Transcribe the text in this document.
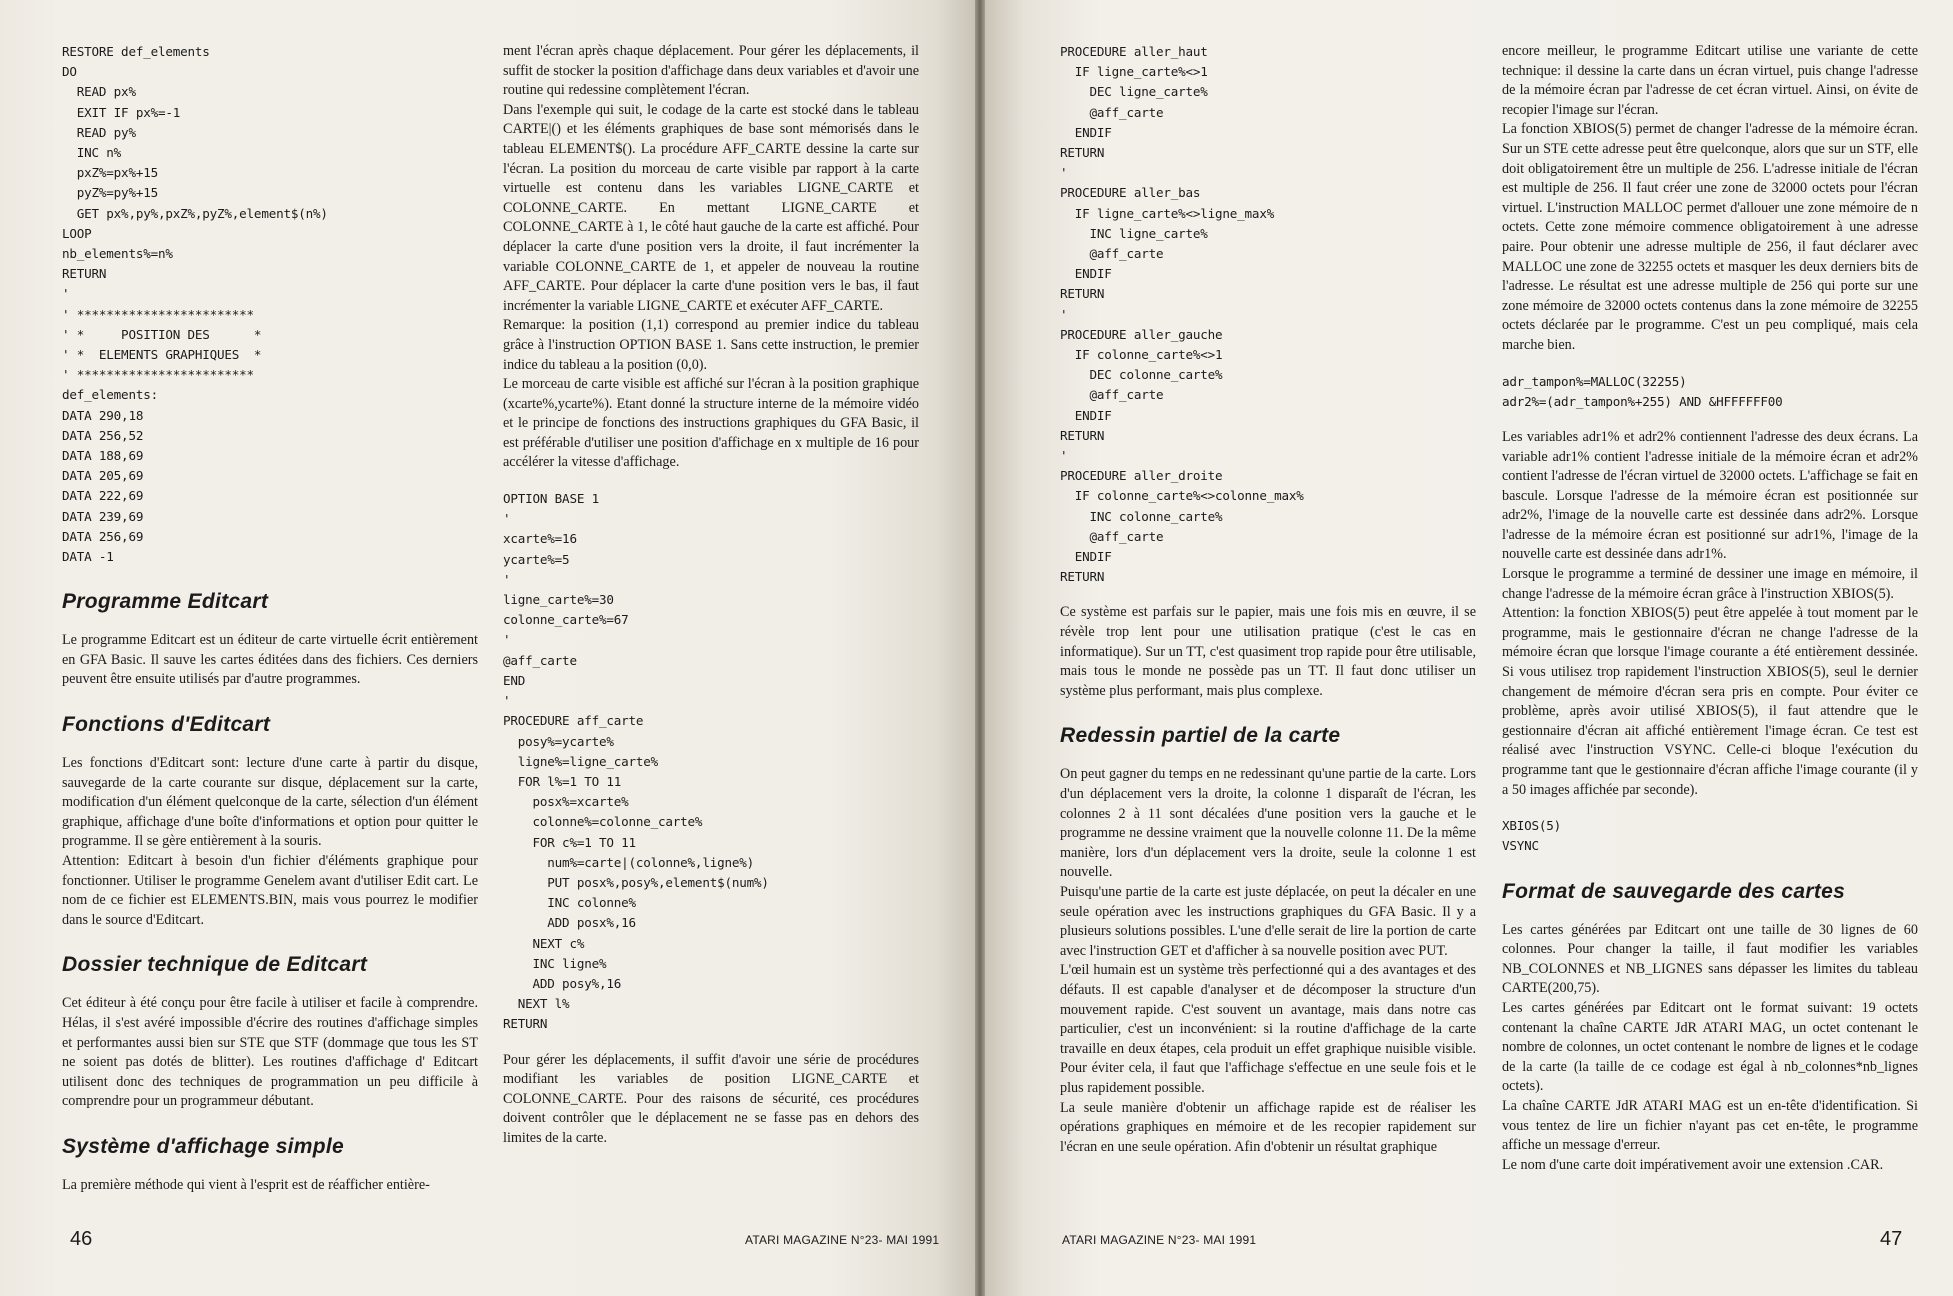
RESTORE def_elements
DO
READ px%
EXIT IF px%=-1
READ py%
INC n%
pxZ%=px%+15
pyZ%=py%+15
GET px%,py%,pxZ%,pyZ%,element$(n%)
LOOP
nb_elements%=n%
RETURN
'
' ************************
' *     POSITION DES      *
' *  ELEMENTS GRAPHIQUES  *
' ************************
def_elements:
DATA 290,18
DATA 256,52
DATA 188,69
DATA 205,69
DATA 222,69
DATA 239,69
DATA 256,69
DATA -1
Programme Editcart

Le programme Editcart est un éditeur de carte virtuelle écrit entièrement en GFA Basic. Il sauve les cartes éditées dans des fichiers. Ces derniers peuvent être ensuite utilisés par d'autre programmes.

Fonctions d'Editcart

Les fonctions d'Editcart sont: lecture d'une carte à partir du disque, sauvegarde de la carte courante sur disque, déplacement sur la carte, modification d'un élément quelconque de la carte, sélection d'un élément graphique, affichage d'une boîte d'informations et option pour quitter le programme. Il se gère entièrement à la souris.

Attention: Editcart à besoin d'un fichier d'éléments graphique pour fonctionner. Utiliser le programme Genelem avant d'utiliser Edit cart. Le nom de ce fichier est ELEMENTS.BIN, mais vous pourrez le modifier dans le source d'Editcart.

Dossier technique de Editcart

Cet éditeur à été conçu pour être facile à utiliser et facile à comprendre. Hélas, il s'est avéré impossible d'écrire des routines d'affichage simples et performantes aussi bien sur STE que STF (dommage que tous les ST ne soient pas dotés de blitter). Les routines d'affichage d' Editcart utilisent donc des techniques de programmation un peu difficile à comprendre pour un programmeur débutant.

Système d'affichage simple

La première méthode qui vient à l'esprit est de réafficher entière-

ment l'écran après chaque déplacement. Pour gérer les déplacements, il suffit de stocker la position d'affichage dans deux variables et d'avoir une routine qui redessine complètement l'écran.

Dans l'exemple qui suit, le codage de la carte est stocké dans le tableau CARTE|() et les éléments graphiques de base sont mémorisés dans le tableau ELEMENT$(). La procédure AFF_CARTE dessine la carte sur l'écran. La position du morceau de carte visible par rapport à la carte virtuelle est contenu dans les variables LIGNE_CARTE et COLONNE_CARTE. En mettant LIGNE_CARTE et COLONNE_CARTE à 1, le côté haut gauche de la carte est affiché. Pour déplacer la carte d'une position vers la droite, il faut incrémenter la variable COLONNE_CARTE de 1, et appeler de nouveau la routine AFF_CARTE. Pour déplacer la carte d'une position vers le bas, il faut incrémenter la variable LIGNE_CARTE et exécuter AFF_CARTE.

Remarque: la position (1,1) correspond au premier indice du tableau grâce à l'instruction OPTION BASE 1. Sans cette instruction, le premier indice du tableau a la position (0,0).

Le morceau de carte visible est affiché sur l'écran à la position graphique (xcarte%,ycarte%). Etant donné la structure interne de la mémoire vidéo et le principe de fonctions des instructions graphiques du GFA Basic, il est préférable d'utiliser une position d'affichage en x multiple de 16 pour accélérer la vitesse d'affichage.

OPTION BASE 1
'
xcarte%=16
ycarte%=5
'
ligne_carte%=30
colonne_carte%=67
'
@aff_carte
END
'
PROCEDURE aff_carte
posy%=ycarte%
ligne%=ligne_carte%
FOR l%=1 TO 11
posx%=xcarte%
colonne%=colonne_carte%
FOR c%=1 TO 11
num%=carte|(colonne%,ligne%)
PUT posx%,posy%,element$(num%)
INC colonne%
ADD posx%,16
NEXT c%
INC ligne%
ADD posy%,16
NEXT l%
RETURN

Pour gérer les déplacements, il suffit d'avoir une série de procédures modifiant les variables de position LIGNE_CARTE et COLONNE_CARTE. Pour des raisons de sécurité, ces procédures doivent contrôler que le déplacement ne se fasse pas en dehors des limites de la carte.

46	ATARI MAGAZINE N°23- MAI 1991
PROCEDURE aller_haut
IF ligne_carte%<>1
DEC ligne_carte%
@aff_carte
ENDIF
RETURN
'
PROCEDURE aller_bas
IF ligne_carte%<>ligne_max%
INC ligne_carte%
@aff_carte
ENDIF
RETURN
'
PROCEDURE aller_gauche
IF colonne_carte%<>1
DEC colonne_carte%
@aff_carte
ENDIF
RETURN
'
PROCEDURE aller_droite
IF colonne_carte%<>colonne_max%
INC colonne_carte%
@aff_carte
ENDIF
RETURN

Ce système est parfais sur le papier, mais une fois mis en œuvre, il se révèle trop lent pour une utilisation pratique (c'est le cas en informatique). Sur un TT, c'est quasiment trop rapide pour être utilisable, mais tous le monde ne possède pas un TT. Il faut donc utiliser un système plus performant, mais plus complexe.

Redessin partiel de la carte

On peut gagner du temps en ne redessinant qu'une partie de la carte. Lors d'un déplacement vers la droite, la colonne 1 disparaît de l'écran, les colonnes 2 à 11 sont décalées d'une position vers la gauche et le programme ne dessine vraiment que la nouvelle colonne 11. De la même manière, lors d'un déplacement vers la droite, seule la colonne 1 est nouvelle.

Puisqu'une partie de la carte est juste déplacée, on peut la décaler en une seule opération avec les instructions graphiques du GFA Basic. Il y a plusieurs solutions possibles. L'une d'elle serait de lire la portion de carte avec l'instruction GET et d'afficher à sa nouvelle position avec PUT.

L'œil humain est un système très perfectionné qui a des avantages et des défauts. Il est capable d'analyser et de décomposer la structure d'un mouvement rapide. C'est souvent un avantage, mais dans notre cas particulier, c'est un inconvénient: si la routine d'affichage de la carte travaille en deux étapes, cela produit un effet graphique nuisible visible. Pour éviter cela, il faut que l'affichage s'effectue en une seule fois et le plus rapidement possible.

La seule manière d'obtenir un affichage rapide est de réaliser les opérations graphiques en mémoire et de les recopier rapidement sur l'écran en une seule opération. Afin d'obtenir un résultat graphique

encore meilleur, le programme Editcart utilise une variante de cette technique: il dessine la carte dans un écran virtuel, puis change l'adresse de la mémoire écran par l'adresse de cet écran virtuel. Ainsi, on évite de recopier l'image sur l'écran.

La fonction XBIOS(5) permet de changer l'adresse de la mémoire écran. Sur un STE cette adresse peut être quelconque, alors que sur un STF, elle doit obligatoirement être un multiple de 256. L'adresse initiale de l'écran est multiple de 256. Il faut créer une zone de 32000 octets pour l'écran virtuel. L'instruction MALLOC permet d'allouer une zone mémoire de n octets. Cette zone mémoire commence obligatoirement à une adresse paire. Pour obtenir une adresse multiple de 256, il faut déclarer avec MALLOC une zone de 32255 octets et masquer les deux derniers bits de l'adresse. Le résultat est une adresse multiple de 256 qui porte sur une zone mémoire de 32000 octets contenus dans la zone mémoire de 32255 octets déclarée par le programme. C'est un peu compliqué, mais cela marche bien.

adr_tampon%=MALLOC(32255)
adr2%=(adr_tampon%+255) AND &HFFFFFF00

Les variables adr1% et adr2% contiennent l'adresse des deux écrans. La variable adr1% contient l'adresse initiale de la mémoire écran et adr2% contient l'adresse de l'écran virtuel de 32000 octets. L'affichage se fait en bascule. Lorsque l'adresse de la mémoire écran est positionnée sur adr2%, l'image de la nouvelle carte est dessinée dans adr2%. Lorsque l'adresse de la mémoire écran est positionné sur adr1%, l'image de la nouvelle carte est dessinée dans adr1%.

Lorsque le programme a terminé de dessiner une image en mémoire, il change l'adresse de la mémoire écran grâce à l'instruction XBIOS(5).

Attention: la fonction XBIOS(5) peut être appelée à tout moment par le programme, mais le gestionnaire d'écran ne change l'adresse de la mémoire écran que lorsque l'image courante a été entièrement dessinée. Si vous utilisez trop rapidement l'instruction XBIOS(5), seul le dernier changement de mémoire d'écran sera pris en compte. Pour éviter ce problème, après avoir utilisé XBIOS(5), il faut attendre que le gestionnaire d'écran ait affiché entièrement l'image écran. Ce test est réalisé avec l'instruction VSYNC. Celle-ci bloque l'exécution du programme tant que le gestionnaire d'écran affiche l'image courante (il y a 50 images affichée par seconde).

XBIOS(5)
VSYNC
Format de sauvegarde des cartes

Les cartes générées par Editcart ont une taille de 30 lignes de 60 colonnes. Pour changer la taille, il faut modifier les variables NB_COLONNES et NB_LIGNES sans dépasser les limites du tableau CARTE(200,75).

Les cartes générées par Editcart ont le format suivant: 19 octets contenant la chaîne CARTE JdR ATARI MAG, un octet contenant le nombre de colonnes, un octet contenant le nombre de lignes et le codage de la carte (la taille de ce codage est égal à nb_colonnes*nb_lignes octets).

La chaîne CARTE JdR ATARI MAG est un en-tête d'identification. Si vous tentez de lire un fichier n'ayant pas cet en-tête, le programme affiche un message d'erreur.

Le nom d'une carte doit impérativement avoir une extension .CAR.

ATARI MAGAZINE N°23- MAI 1991	47
